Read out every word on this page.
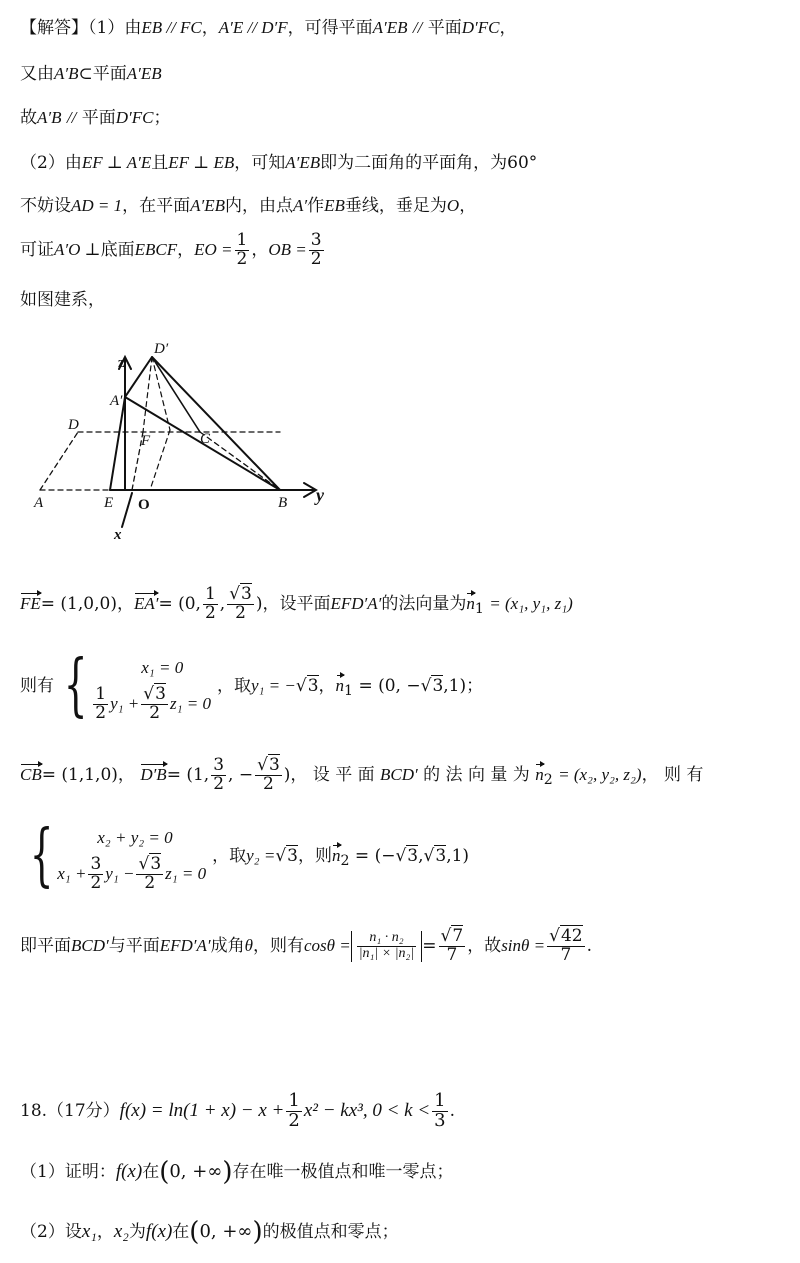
【解答】（1）由EB // FC，A′E // D′F，可得平面A′EB // 平面D′FC，
又由A′B⊂平面A′EB
故A′B // 平面D′FC；
（2）由EF ⊥ A′E且EF ⊥ EB，可知A′EB即为二面角的平面角，为60°
不妨设AD = 1，在平面A′EB内，由点A′作EB垂线，垂足为O，
可证A′O ⊥底面EBCF，EO = $\frac{1}{2}$ ，OB = $\frac{3}{2}$
如图建系，
z
D′
A′
D
F	C
A	E O	B y
x
FE= (1,0,0)，EA′= (0, $\frac{1}{2}$ , $\frac{√3}{2}$ )，设平面EFD′A′的法向量为$n_1 = (x_1$, y₁, z₁)
则有 {	x₁ = 0
$\frac{1}{2} y_1 + \frac{√3}{2} z_1 = 0$
，取y₁ = −√3，$n_1 = (0$, −√3,1)；
CB= (1,1,0)， D′B= (1, $\frac{3}{2}$ , − $\frac{√3}{2}$ )， 设 平 面 BCD′ 的 法 向 量 为 $n_2 = (x_2$, y₂, z₂)， 则 有
{	x₂ + y₂ = 0
$x_1 + \frac{3}{2} y_1 - \frac{√3}{2} z_1 = 0$
，取y₂ =√3，则$n_2 = (-√3,√3,1)$
即平面BCD′与平面EFD′A′成角θ，则有$\cos\theta = \frac{\text{n₁ · n₂}}{\text{|n₁| × |n₂|}} = \frac{√7}{7}$ ，故$\sin\theta = \frac{√42}{7}$ .
18.（17分）$f(x) = \ln(1 + x) - x + \frac{1}{2} x^2 - kx^3$, $0 < k < \frac{1}{3}$ .
（1）证明：f(x)在(0, +∞)存在唯一极值点和唯一零点；
（2）设x₁，x₂为f(x)在(0, +∞)的极值点和零点；
